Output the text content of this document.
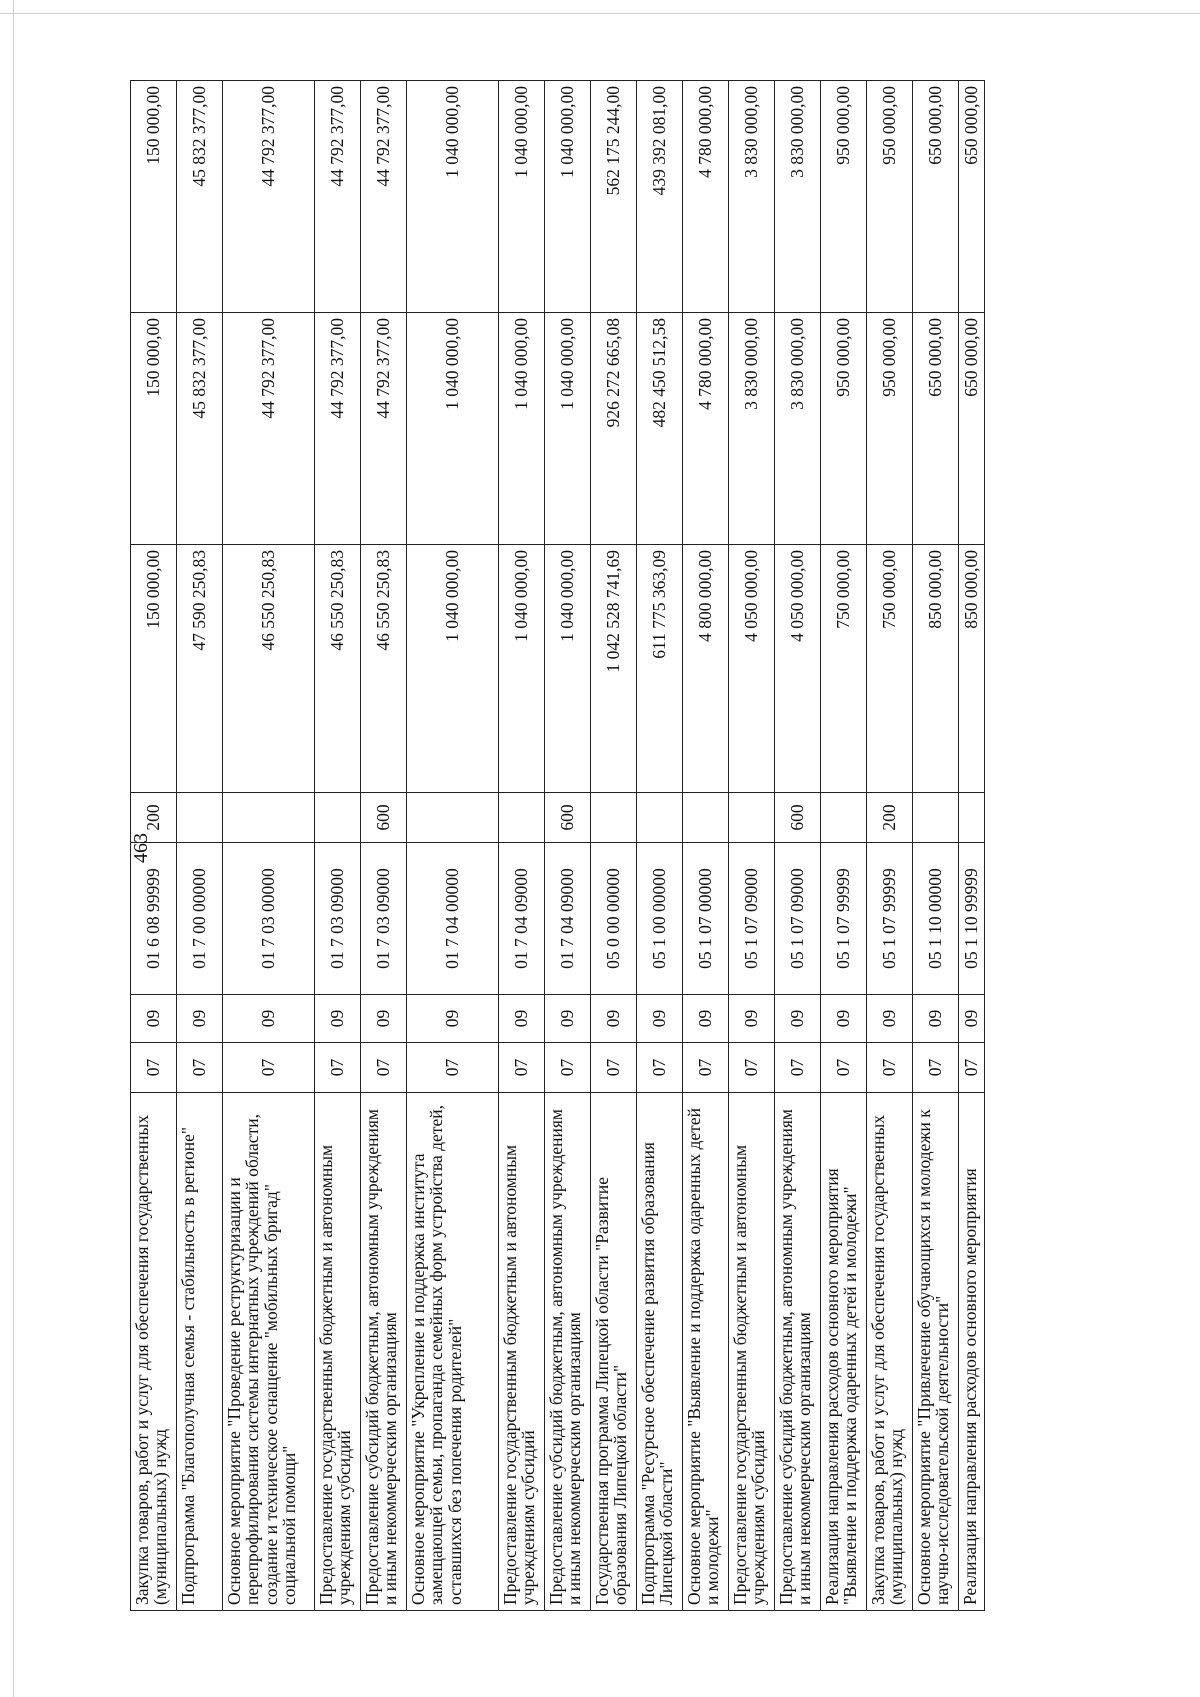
463
Закупка товаров, работ и услуг для обеспечения государственных (муниципальных) нужд	07	09	01 6 08 99999	200	150 000,00	150 000,00	150 000,00

Подпрограмма "Благополучная семья - стабильность в регионе"	07	09	01 7 00 00000		47 590 250,83	45 832 377,00	45 832 377,00

Основное мероприятие "Проведение реструктуризации и перепрофилирования системы интернатных учреждений области, создание и техническое оснащение "мобильных бригад" социальной помощи"	07	09	01 7 03 00000		46 550 250,83	44 792 377,00	44 792 377,00

Предоставление государственным бюджетным и автономным учреждениям субсидий	07	09	01 7 03 09000		46 550 250,83	44 792 377,00	44 792 377,00

Предоставление субсидий бюджетным, автономным учреждениям и иным некоммерческим организациям	07	09	01 7 03 09000	600	46 550 250,83	44 792 377,00	44 792 377,00

Основное мероприятие "Укрепление и поддержка института замещающей семьи, пропаганда семейных форм устройства детей, оставшихся без попечения родителей"	07	09	01 7 04 00000		1 040 000,00	1 040 000,00	1 040 000,00

Предоставление государственным бюджетным и автономным учреждениям субсидий	07	09	01 7 04 09000		1 040 000,00	1 040 000,00	1 040 000,00

Предоставление субсидий бюджетным, автономным учреждениям и иным некоммерческим организациям	07	09	01 7 04 09000	600	1 040 000,00	1 040 000,00	1 040 000,00

Государственная программа Липецкой области "Развитие образования Липецкой области"	07	09	05 0 00 00000		1 042 528 741,69	926 272 665,08	562 175 244,00

Подпрограмма "Ресурсное обеспечение развития образования Липецкой области"	07	09	05 1 00 00000		611 775 363,09	482 450 512,58	439 392 081,00

Основное мероприятие "Выявление и поддержка одаренных детей и молодежи"	07	09	05 1 07 00000		4 800 000,00	4 780 000,00	4 780 000,00

Предоставление государственным бюджетным и автономным учреждениям субсидий	07	09	05 1 07 09000		4 050 000,00	3 830 000,00	3 830 000,00

Предоставление субсидий бюджетным, автономным учреждениям и иным некоммерческим организациям	07	09	05 1 07 09000	600	4 050 000,00	3 830 000,00	3 830 000,00

Реализация направления расходов основного мероприятия "Выявление и поддержка одаренных детей и молодежи"	07	09	05 1 07 99999		750 000,00	950 000,00	950 000,00

Закупка товаров, работ и услуг для обеспечения государственных (муниципальных) нужд	07	09	05 1 07 99999	200	750 000,00	950 000,00	950 000,00

Основное мероприятие "Привлечение обучающихся и молодежи к научно-исследовательской деятельности"	07	09	05 1 10 00000		850 000,00	650 000,00	650 000,00

Реализация направления расходов основного мероприятия	07	09	05 1 10 99999		850 000,00	650 000,00	650 000,00
